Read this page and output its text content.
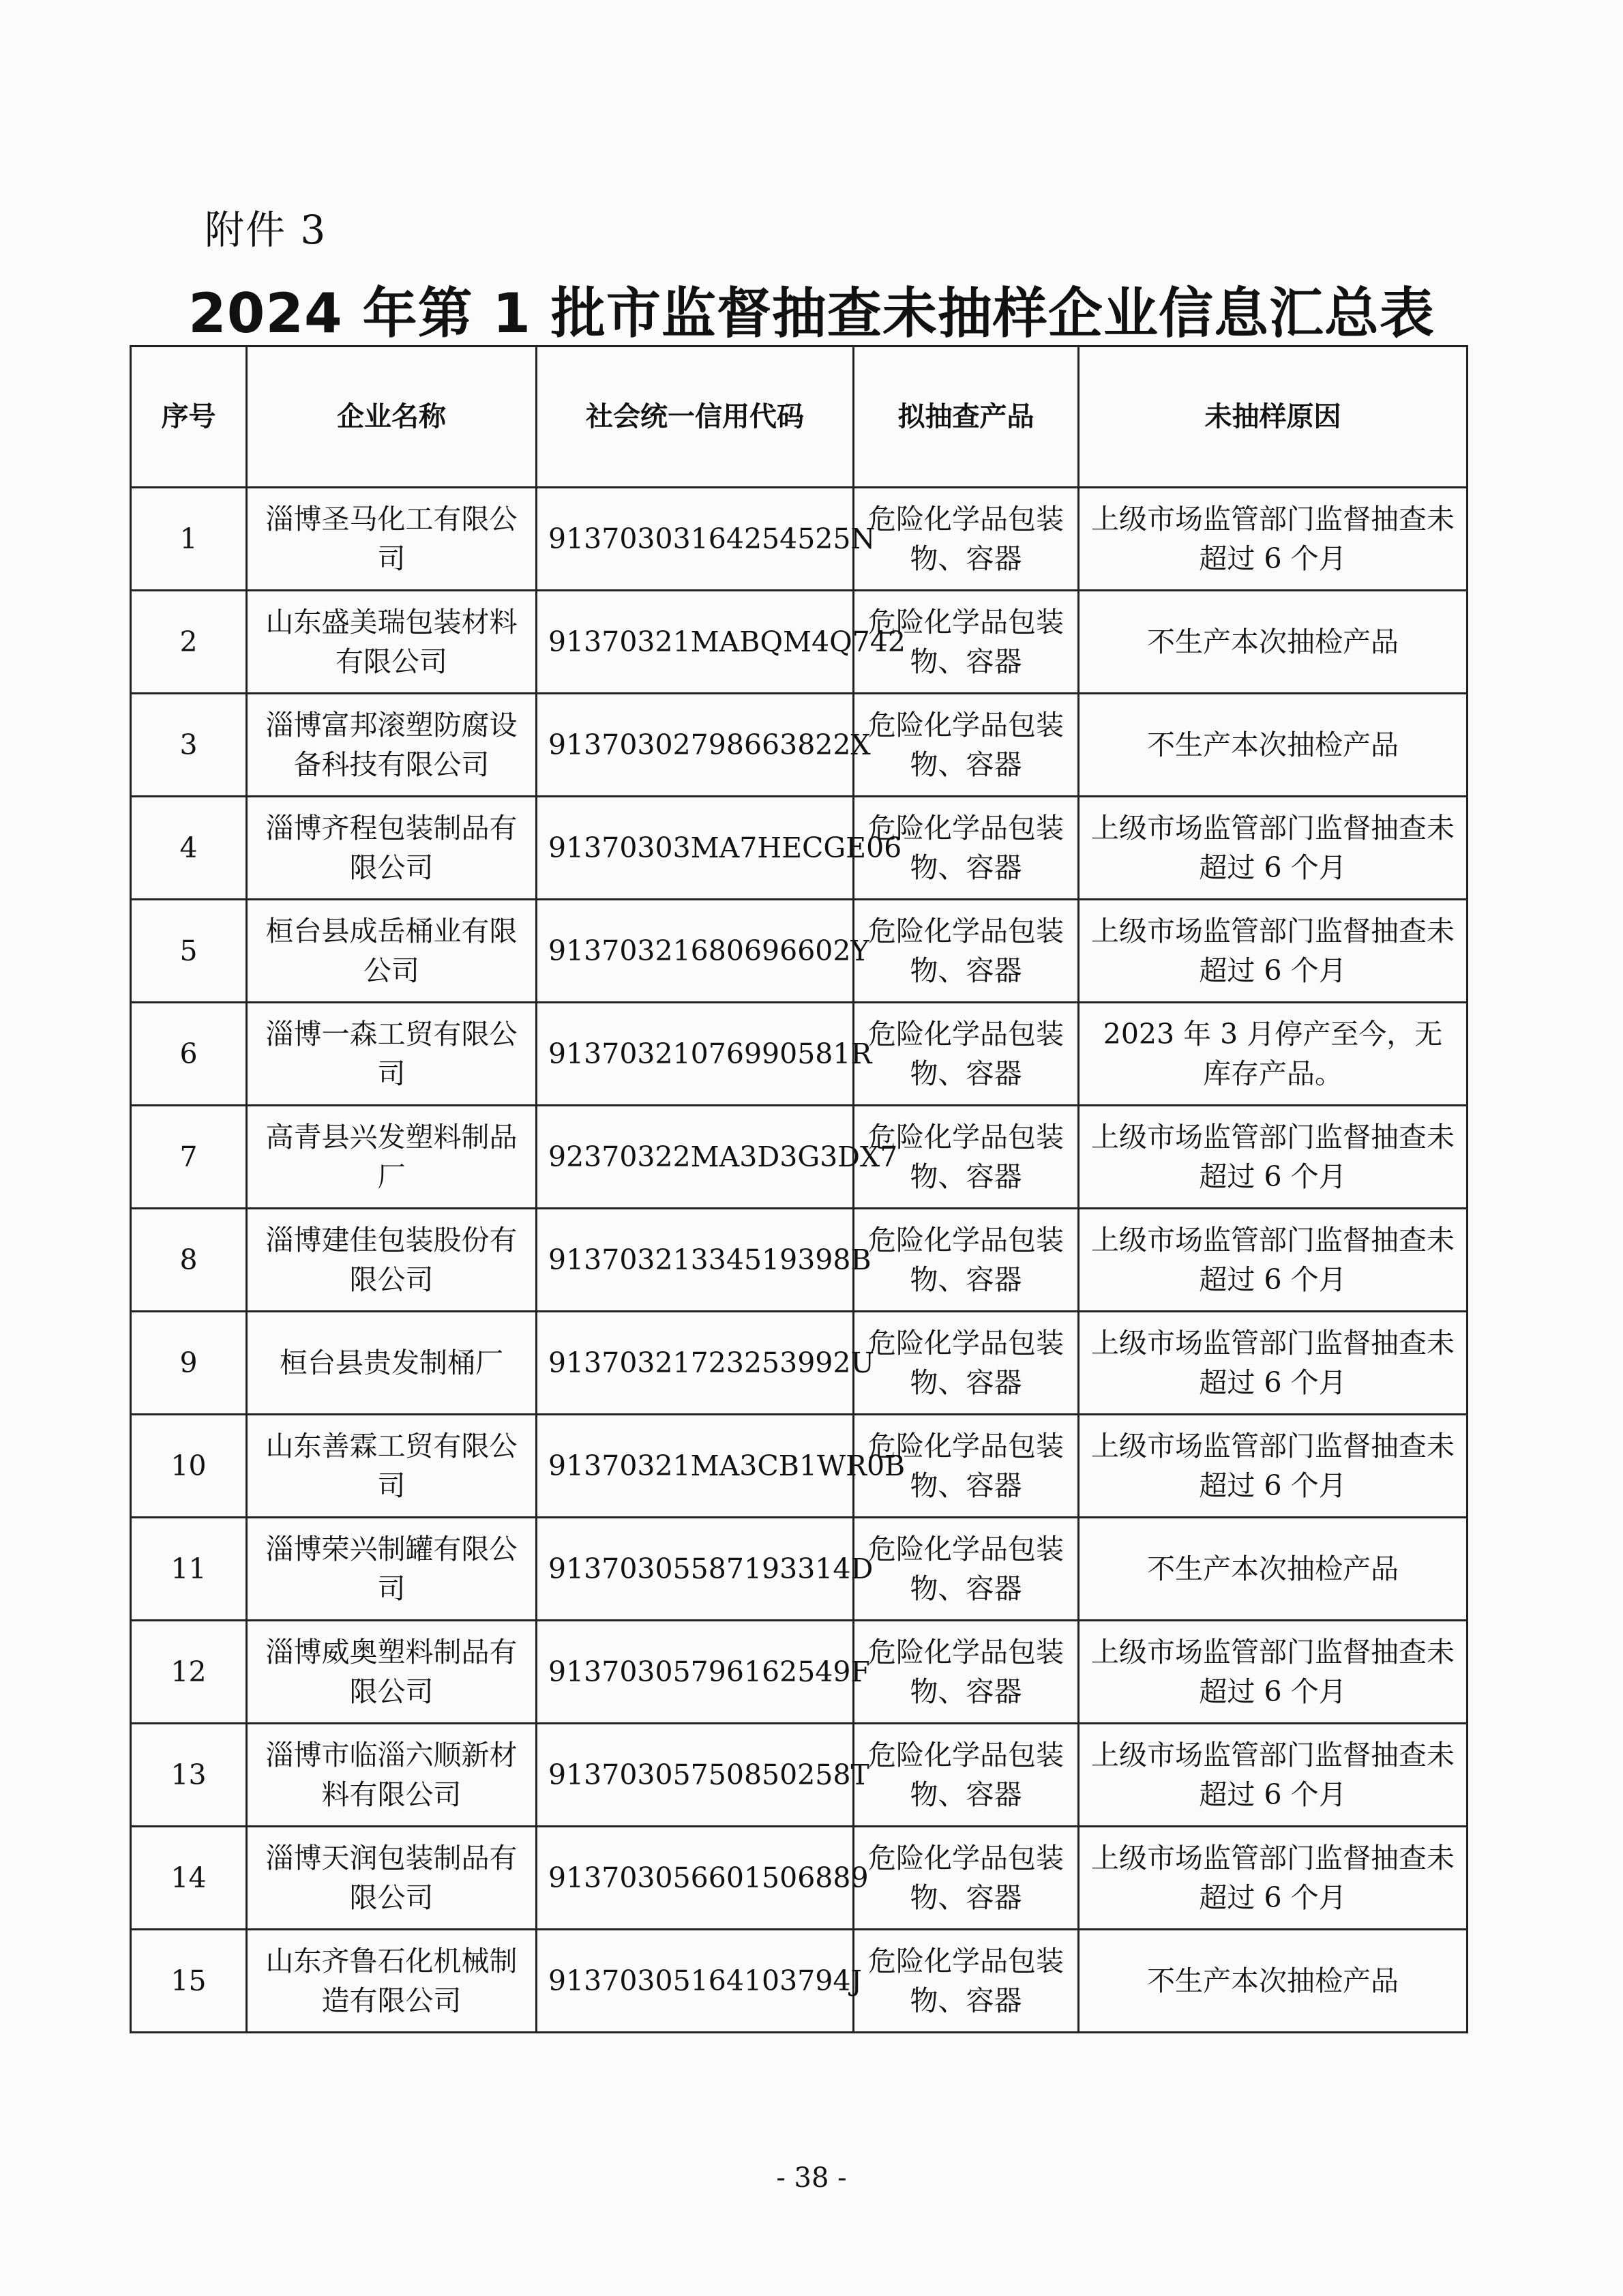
附件 3
2024 年第 1 批市监督抽查未抽样企业信息汇总表
序号	企业名称	社会统一信用代码	拟抽查产品	未抽样原因
1	淄博圣马化工有限公司	91370303164254525N	危险化学品包装物、容器	上级市场监管部门监督抽查未超过 6 个月
2	山东盛美瑞包装材料有限公司	91370321MABQM4Q742	危险化学品包装物、容器	不生产本次抽检产品
3	淄博富邦滚塑防腐设备科技有限公司	91370302798663822X	危险化学品包装物、容器	不生产本次抽检产品
4	淄博齐程包装制品有限公司	91370303MA7HECGE06	危险化学品包装物、容器	上级市场监管部门监督抽查未超过 6 个月
5	桓台县成岳桶业有限公司	91370321680696602Y	危险化学品包装物、容器	上级市场监管部门监督抽查未超过 6 个月
6	淄博一森工贸有限公司	91370321076990581R	危险化学品包装物、容器	2023 年 3 月停产至今，无库存产品。
7	高青县兴发塑料制品厂	92370322MA3D3G3DX7	危险化学品包装物、容器	上级市场监管部门监督抽查未超过 6 个月
8	淄博建佳包装股份有限公司	91370321334519398B	危险化学品包装物、容器	上级市场监管部门监督抽查未超过 6 个月
9	桓台县贵发制桶厂	91370321723253992U	危险化学品包装物、容器	上级市场监管部门监督抽查未超过 6 个月
10	山东善霖工贸有限公司	91370321MA3CB1WR0B	危险化学品包装物、容器	上级市场监管部门监督抽查未超过 6 个月
11	淄博荣兴制罐有限公司	91370305587193314D	危险化学品包装物、容器	不生产本次抽检产品
12	淄博威奥塑料制品有限公司	91370305796162549F	危险化学品包装物、容器	上级市场监管部门监督抽查未超过 6 个月
13	淄博市临淄六顺新材料有限公司	91370305750850258T	危险化学品包装物、容器	上级市场监管部门监督抽查未超过 6 个月
14	淄博天润包装制品有限公司	913703056601506889	危险化学品包装物、容器	上级市场监管部门监督抽查未超过 6 个月
15	山东齐鲁石化机械制造有限公司	91370305164103794J	危险化学品包装物、容器	不生产本次抽检产品
- 38 -
